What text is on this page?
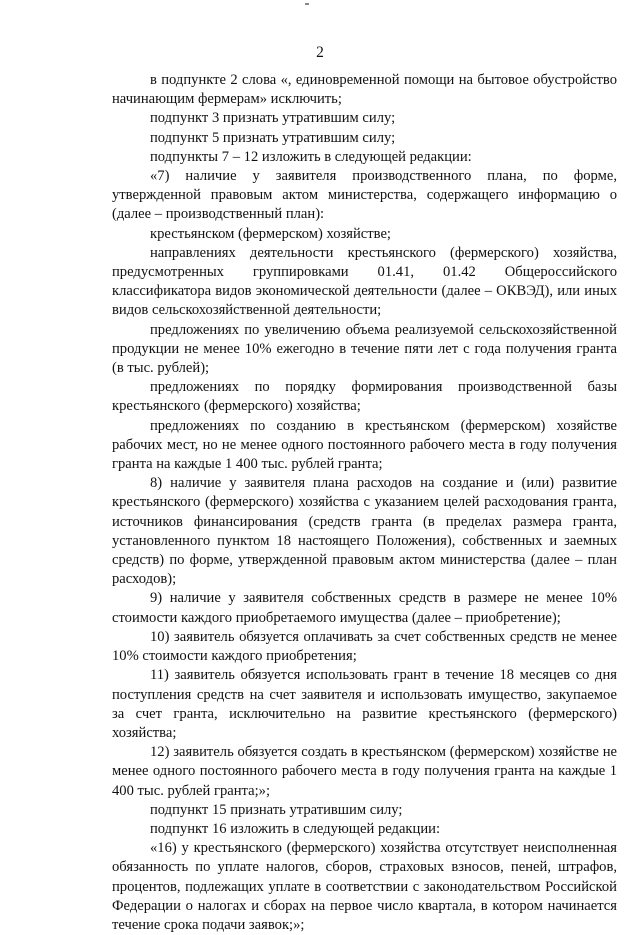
2

в подпункте 2 слова «, единовременной помощи на бытовое обустройство начинающим фермерам» исключить;

подпункт 3 признать утратившим силу;

подпункт 5 признать утратившим силу;

подпункты 7 – 12 изложить в следующей редакции:

«7) наличие у заявителя производственного плана, по форме, утвержденной правовым актом министерства, содержащего информацию о (далее – производственный план):

крестьянском (фермерском) хозяйстве;

направлениях деятельности крестьянского (фермерского) хозяйства, предусмотренных группировками 01.41, 01.42 Общероссийского классификатора видов экономической деятельности (далее – ОКВЭД), или иных видов сельскохозяйственной деятельности;

предложениях по увеличению объема реализуемой сельскохозяйственной продукции не менее 10% ежегодно в течение пяти лет с года получения гранта (в тыс. рублей);

предложениях по порядку формирования производственной базы крестьянского (фермерского) хозяйства;

предложениях по созданию в крестьянском (фермерском) хозяйстве рабочих мест, но не менее одного постоянного рабочего места в году получения гранта на каждые 1 400 тыс. рублей гранта;

8) наличие у заявителя плана расходов на создание и (или) развитие крестьянского (фермерского) хозяйства с указанием целей расходования гранта, источников финансирования (средств гранта (в пределах размера гранта, установленного пунктом 18 настоящего Положения), собственных и заемных средств) по форме, утвержденной правовым актом министерства (далее – план расходов);

9) наличие у заявителя собственных средств в размере не менее 10% стоимости каждого приобретаемого имущества (далее – приобретение);

10) заявитель обязуется оплачивать за счет собственных средств не менее 10% стоимости каждого приобретения;

11) заявитель обязуется использовать грант в течение 18 месяцев со дня поступления средств на счет заявителя и использовать имущество, закупаемое за счет гранта, исключительно на развитие крестьянского (фермерского) хозяйства;

12) заявитель обязуется создать в крестьянском (фермерском) хозяйстве не менее одного постоянного рабочего места в году получения гранта на каждые 1 400 тыс. рублей гранта;»;

подпункт 15 признать утратившим силу;

подпункт 16 изложить в следующей редакции:

«16) у крестьянского (фермерского) хозяйства отсутствует неисполненная обязанность по уплате налогов, сборов, страховых взносов, пеней, штрафов, процентов, подлежащих уплате в соответствии с законодательством Российской Федерации о налогах и сборах на первое число квартала, в котором начинается течение срока подачи заявок;»;
